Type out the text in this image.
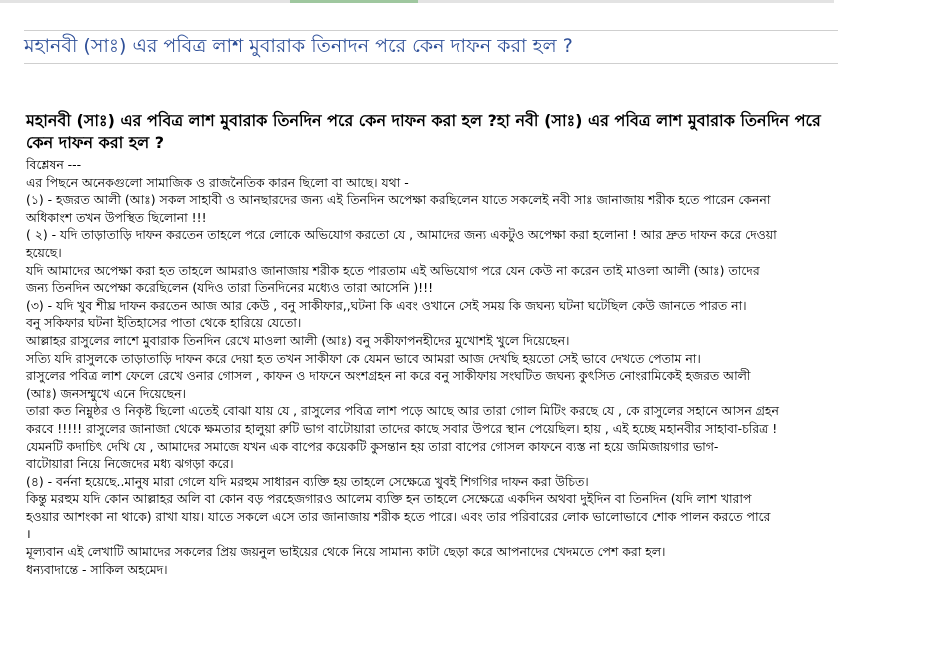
মহানবী (সাঃ) এর পবিত্র লাশ মুবারাক তিনাদন পরে কেন দাফন করা হল ?
মহানবী (সাঃ) এর পবিত্র লাশ মুবারাক তিনদিন পরে কেন দাফন করা হল ?হা নবী (সাঃ) এর পবিত্র লাশ মুবারাক তিনদিন পরে কেন দাফন করা হল ?

বিশ্লেষন ---

এর পিছনে অনেকগুলো সামাজিক ও রাজনৈতিক কারন ছিলো বা আছে। যথা -

(১) - হজরত আলী (আঃ) সকল সাহাবী ও আনছারদের জন্য এই তিনদিন অপেক্ষা করছিলেন যাতে সকলেই নবী সাঃ জানাজায় শরীক হতে পারেন কেননা

অধিকাংশ তখন উপস্থিত ছিলোনা !!!

( ২) - যদি তাড়াতাড়ি দাফন করতেন তাহলে পরে লোকে অভিযোগ করতো যে , আমাদের জন্য একটুও অপেক্ষা করা হলোনা ! আর দ্রুত দাফন করে দেওয়া

হয়েছে।

যদি আমাদের অপেক্ষা করা হত তাহলে আমরাও জানাজায় শরীক হতে পারতাম এই অভিযোগ পরে যেন কেউ না করেন তাই মাওলা আলী (আঃ) তাদের

জন্য তিনদিন অপেক্ষা করেছিলেন (যদিও তারা তিনদিনের মধ্যেও তারা আসেনি )!!!

(৩) - যদি খুব শীঘ্র দাফন করতেন আজ আর কেউ , বনু সাকীফার,,ঘটনা কি এবং ওখানে সেই সময় কি জঘন্য ঘটনা ঘটেছিল কেউ জানতে পারত না।

বনু সকিফার ঘটনা ইতিহাসের পাতা থেকে হারিয়ে যেতো।

আল্লাহর রাসুলের লাশে মুবারাক তিনদিন রেখে মাওলা আলী (আঃ) বনু সকীফাপনহীদের মুখোশই খুলে দিয়েছেন।

সত্যি যদি রাসুলকে তাড়াতাড়ি দাফন করে দেয়া হত তখন সাকীফা কে যেমন ভাবে আমরা আজ দেখছি হয়তো সেই ভাবে দেখতে পেতাম না।

রাসুলের পবিত্র লাশ ফেলে রেখে ওনার গোসল , কাফন ও দাফনে অংশগ্রহন না করে বনু সাকীফায় সংঘটিত জঘন্য কুৎসিত নোংরামিকেই হজরত আলী

(আঃ) জনসম্মুখে এনে দিয়েছেন।

তারা কত নিম্নুষ্ঠর ও নিকৃষ্ট ছিলো এতেই বোঝা যায় যে , রাসুলের পবিত্র লাশ পড়ে আছে আর তারা গোল মিটিং করছে যে , কে রাসুলের সহানে আসন গ্রহন

করবে !!!!! রাসুলের জানাজা থেকে ক্ষমতার হালুয়া রুটি ভাগ বাটোয়ারা তাদের কাছে সবার উপরে স্থান পেয়েছিল। হায় , এই হচ্ছে মহানবীর সাহাবা-চরিত্র !

যেমনটি কদাচিৎ দেখি যে , আমাদের সমাজে যখন এক বাপের কয়েকটি কুসন্তান হয় তারা বাপের গোসল কাফনে ব্যস্ত না হয়ে জমিজায়গার ভাগ-

বাটোয়ারা নিয়ে নিজেদের মধ্য ঝগড়া করে।

(৪) - বর্ননা হয়েছে..মানুষ মারা গেলে যদি মরহুম সাধারন ব্যক্তি হয় তাহলে সেক্ষেত্রে খুবই শিগগির দাফন করা উচিত।

কিন্তু মরহুম যদি কোন আল্লাহর অলি বা কোন বড় পরহেজগারও আলেম ব্যক্তি হন তাহলে সেক্ষেত্রে একদিন অথবা দুইদিন বা তিনদিন (যদি লাশ খারাপ

হওয়ার আশংকা না থাকে) রাখা যায়। যাতে সকলে এসে তার জানাজায় শরীক হতে পারে। এবং তার পরিবারের লোক ভালোভাবে শোক পালন করতে পারে

।

মূল্যবান এই লেখাটি আমাদের সকলের প্রিয় জয়নুল ভাইয়ের থেকে নিয়ে সামান্য কাটা ছেড়া করে আপনাদের খেদমতে পেশ করা হল।

ধন্যবাদান্তে - সাকিল অহমেদ।
